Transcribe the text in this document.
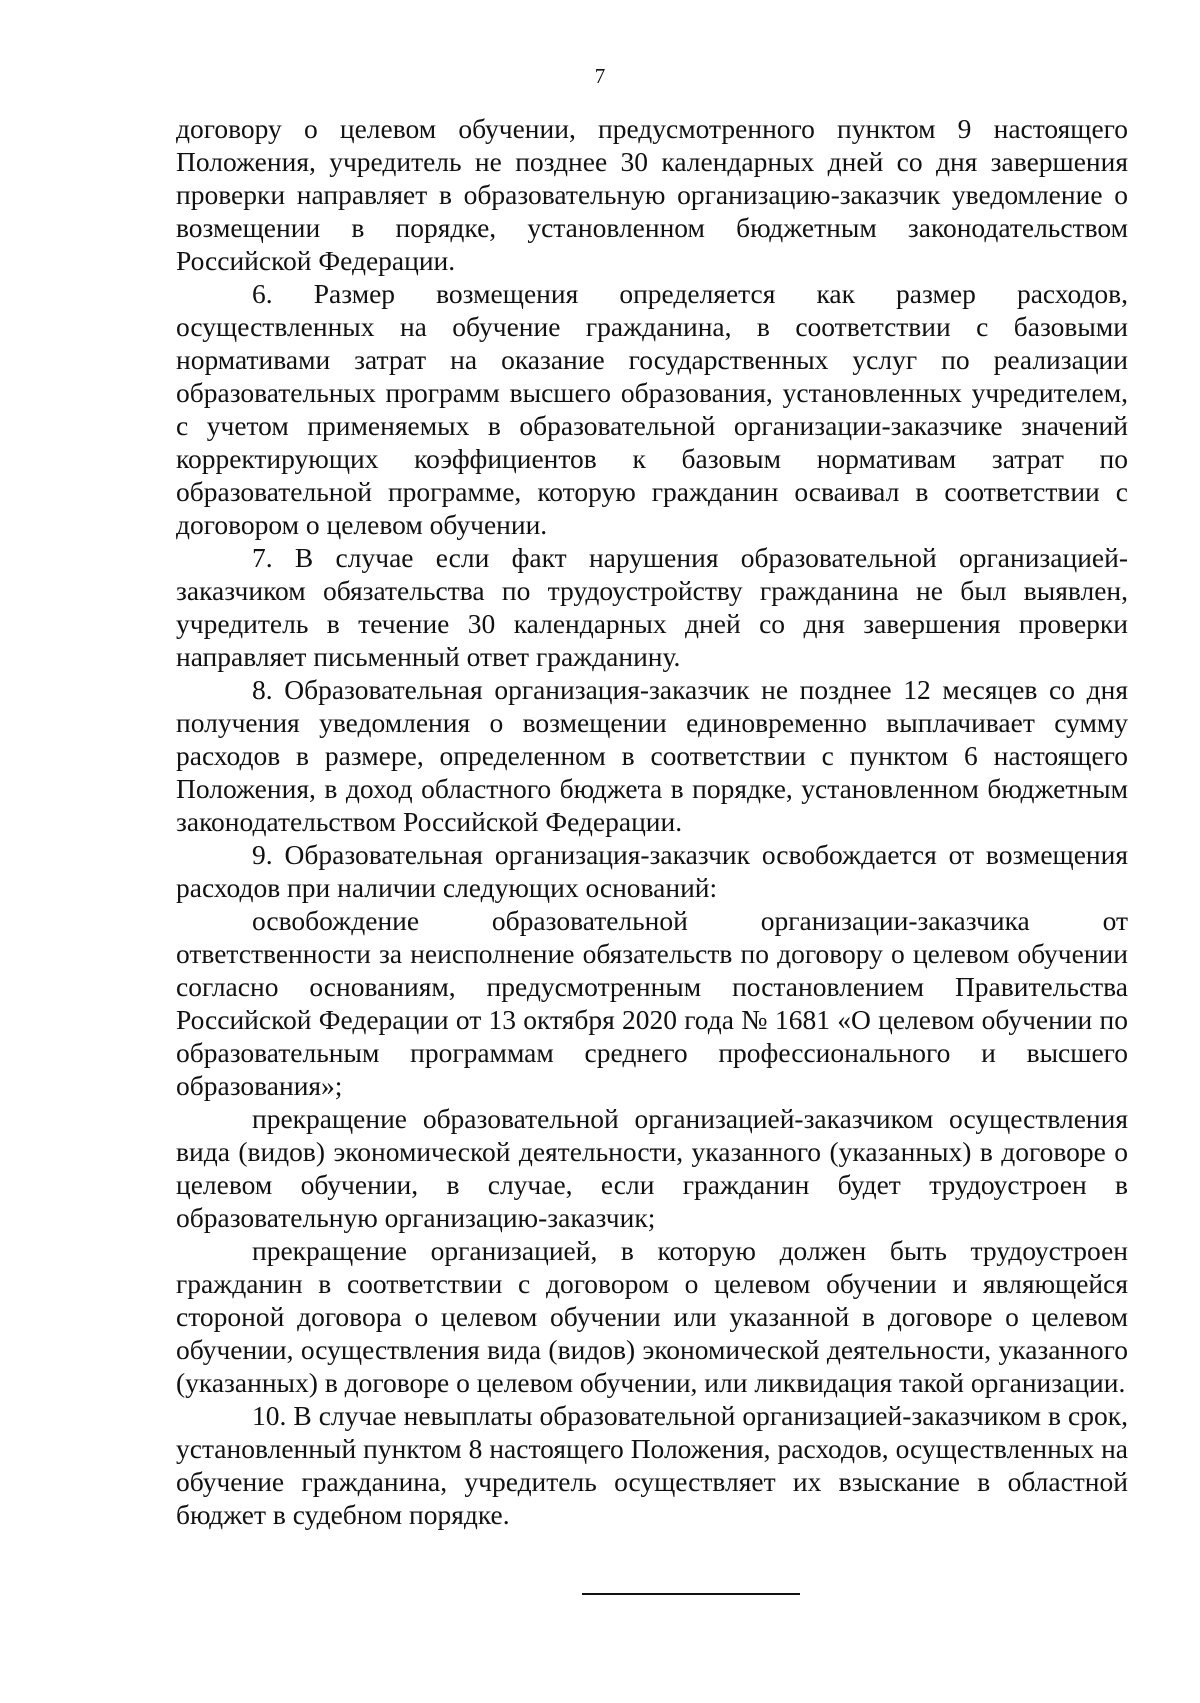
7

договору о целевом обучении, предусмотренного пунктом 9 настоящего Положения, учредитель не позднее 30 календарных дней со дня завершения проверки направляет в образовательную организацию-заказчик уведомление о возмещении в порядке, установленном бюджетным законодательством Российской Федерации.

6. Размер возмещения определяется как размер расходов, осуществленных на обучение гражданина, в соответствии с базовыми нормативами затрат на оказание государственных услуг по реализации образовательных программ высшего образования, установленных учредителем, с учетом применяемых в образовательной организации-заказчике значений корректирующих коэффициентов к базовым нормативам затрат по образовательной программе, которую гражданин осваивал в соответствии с договором о целевом обучении.

7. В случае если факт нарушения образовательной организацией-заказчиком обязательства по трудоустройству гражданина не был выявлен, учредитель в течение 30 календарных дней со дня завершения проверки направляет письменный ответ гражданину.

8. Образовательная организация-заказчик не позднее 12 месяцев со дня получения уведомления о возмещении единовременно выплачивает сумму расходов в размере, определенном в соответствии с пунктом 6 настоящего Положения, в доход областного бюджета в порядке, установленном бюджетным законодательством Российской Федерации.

9. Образовательная организация-заказчик освобождается от возмещения расходов при наличии следующих оснований:

освобождение образовательной организации-заказчика от ответственности за неисполнение обязательств по договору о целевом обучении согласно основаниям, предусмотренным постановлением Правительства Российской Федерации от 13 октября 2020 года № 1681 «О целевом обучении по образовательным программам среднего профессионального и высшего образования»;

прекращение образовательной организацией-заказчиком осуществления вида (видов) экономической деятельности, указанного (указанных) в договоре о целевом обучении, в случае, если гражданин будет трудоустроен в образовательную организацию-заказчик;

прекращение организацией, в которую должен быть трудоустроен гражданин в соответствии с договором о целевом обучении и являющейся стороной договора о целевом обучении или указанной в договоре о целевом обучении, осуществления вида (видов) экономической деятельности, указанного (указанных) в договоре о целевом обучении, или ликвидация такой организации.

10. В случае невыплаты образовательной организацией-заказчиком в срок, установленный пунктом 8 настоящего Положения, расходов, осуществленных на обучение гражданина, учредитель осуществляет их взыскание в областной бюджет в судебном порядке.
